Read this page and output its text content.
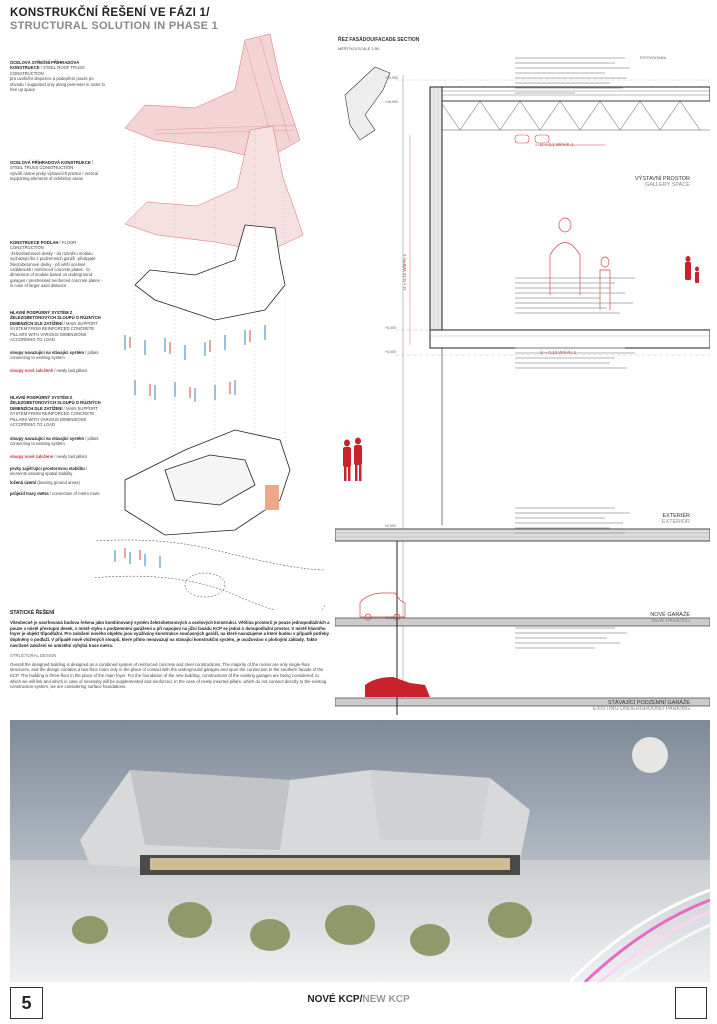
KONSTRUKČNÍ ŘEŠENÍ VE FÁZI 1/
STRUCTURAL SOLUTION IN PHASE 1
OCELOVÁ STŘEŠNÍ PŘÍHRADOVÁ KONSTRUKCE / STEEL ROOF TRUSS CONSTRUCTION
pro uvolnění dispozice a podepření pouze po obvodu / supported only along perimeter in order to free up space
OCELOVÁ PŘÍHRADOVÁ KONSTRUKCE / STEEL TRUSS CONSTRUCTION
vytváří nosné prvky výstavních prostor / vertical supporting elements of exhibition areas
KONSTRUKCE PODLAH / FLOOR CONSTRUCTION
-železobetonové desky - do rozměru modulu vycházejícího z podzemních garáží -předpjaté železobetonové desky - při větší ocelové vzdálenosti / reinforced concrete plates - to dimension of module based on underground garages / prestressed reinforced concrete plates - in case of larger axial distance
HLAVNÍ PODPŮRNÝ SYSTÉM Z ŽELEZOBETONOVÝCH SLOUPŮ O RŮZNÝCH DIMENZÍCH DLE ZATÍŽENÍ / MAIN SUPPORT SYSTEM FROM REINFORCED CONCRETE PILLARS WITH VARIOUS DIMENSIONS ACCORDING TO LOAD
sloupy navazující na stávající systém / pillars connecting to existing system
sloupy nově založené / newly laid pillars
HLAVNÍ PODPŮRNÝ SYSTÉM Z ŽELEZOBETONOVÝCH SLOUPŮ O RŮZNÝCH DIMENZÍCH DLE ZATÍŽENÍ / MAIN SUPPORT SYSTEM FROM REINFORCED CONCRETE PILLARS WITH VARIOUS DIMENSIONS ACCORDING TO LOAD
sloupy navazující na stávající systém / pillars connecting to existing system
sloupy nově založené / newly laid pillars
prvky zajišťující prostorovou stabilitu / elements assuring spatial stability
ložená území (bearing ground areas)
průjezd trasy metra / connection of metro route
ŘEZ FASÁDOU/FACADE SECTION
MĚŘÍTKO/SCALE 1:50
VÝSTAVNÍ PROSTOR
GALLERY SPACE
EXTERIÉR
EXTERIOR
NOVÉ GARÁŽE
NEW PARKING
STÁVAJÍCÍ PODZEMNÍ GARÁŽE
EXISTING UNDERGROUND PARKING
U = 0,1 W/m²K-1
U = 0,13 W/m²K-1
U = 0,15 W/m²K-1
FOTOVOLTAIKA
+20,000
+18,000
+5,000
+4,000
±0,000
-5,000
STATICKÉ ŘEŠENÍ

Všeobecně je navrhovaná budova řešena jako kombinovaný systém železobetonových a ocelových konstrukcí. Většina prostorů je pouze jednopodlažních a pouze v místě přestupní desek, v místě styku s podzemními garážemi a při napojení na jižní fasádu KCP se jedná o dvoupodlažní prostor. V místě hlavního foyer je objekt třípodlažní. Pro založení nového objektu jsou využívány konstrukce současných garáží, na které navazujeme a které budou v případě potřeby doplněny o podlaží. V případě nově vložených sloupů, které přímo nenavazují na stávající konstrukční systém, je uvažováno s plošnými základy. Takto navržené založení se umístění vyhýbá trase metra.

STRUCTURAL DESIGN

Overall the designed building is designed as a combined system of reinforced concrete and steel constructions. The majority of the rooms are only single-floor structures, and the design contains a two-floor room only in the place of contact with the underground garages and upon the connection to the southern facade of the KCP. The building is three-floor in the place of the main foyer. For the foundation of the new building, constructions of the existing garages are being considered, to which we will link and which in case of necessity will be supplemented and reinforced. In the case of newly inserted pillars, which do not connect directly to the existing construction system, we are considering surface foundations.

5	NOVÉ KCP/NEW KCP
